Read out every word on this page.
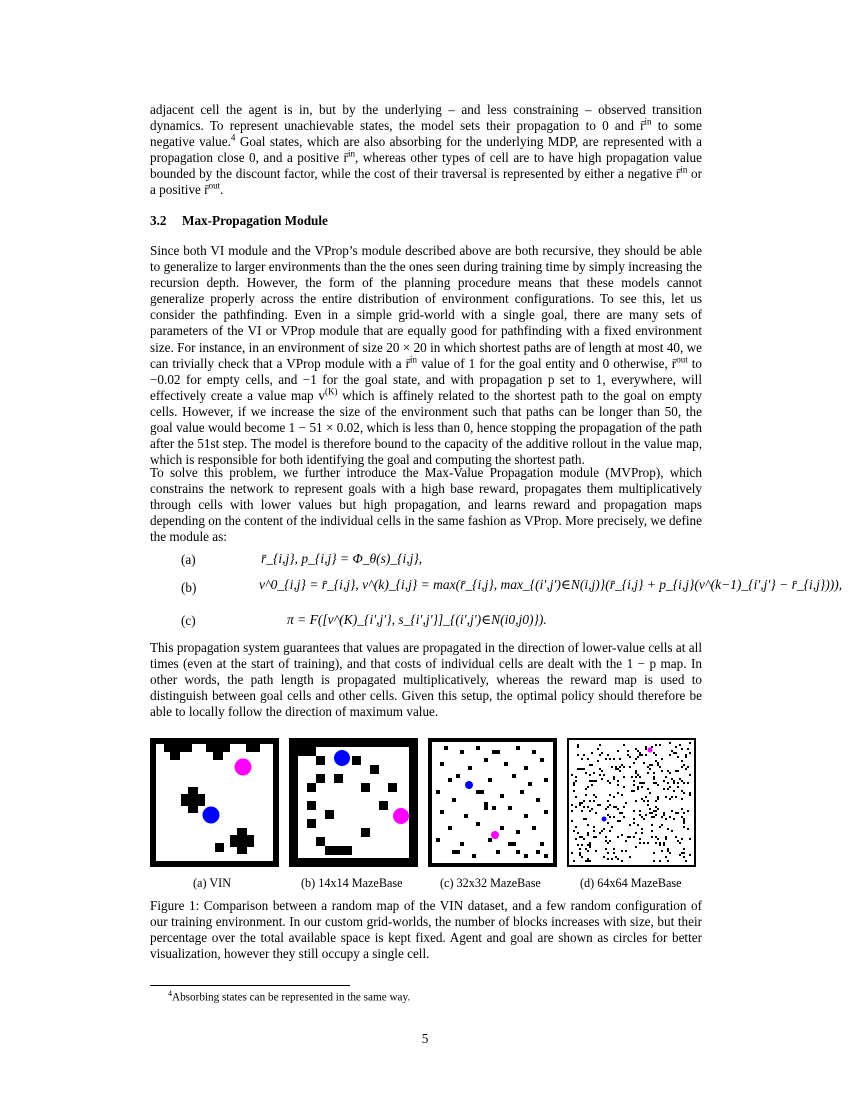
adjacent cell the agent is in, but by the underlying – and less constraining – observed transition dynamics. To represent unachievable states, the model sets their propagation to 0 and r̄$^{in}$ to some negative value.$^4$ Goal states, which are also absorbing for the underlying MDP, are represented with a propagation close 0, and a positive r̄$^{in}$, whereas other types of cell are to have high propagation value bounded by the discount factor, while the cost of their traversal is represented by either a negative r̄$^{in}$ or a positive r̄$^{out}$.

3.2 Max-Propagation Module

Since both VI module and the VProp’s module described above are both recursive, they should be able to generalize to larger environments than the the ones seen during training time by simply increasing the recursion depth. However, the form of the planning procedure means that these models cannot generalize properly across the entire distribution of environment configurations. To see this, let us consider the pathfinding. Even in a simple grid-world with a single goal, there are many sets of parameters of the VI or VProp module that are equally good for pathfinding with a fixed environment size. For instance, in an environment of size 20 × 20 in which shortest paths are of length at most 40, we can trivially check that a VProp module with a r̄$^{in}$ value of 1 for the goal entity and 0 otherwise, r̄$^{out}$ to −0.02 for empty cells, and −1 for the goal state, and with propagation p set to 1, everywhere, will effectively create a value map $v^{(K)}$ which is affinely related to the shortest path to the goal on empty cells. However, if we increase the size of the environment such that paths can be longer than 50, the goal value would become 1 − 51 × 0.02, which is less than 0, hence stopping the propagation of the path after the 51st step. The model is therefore bound to the capacity of the additive rollout in the value map, which is responsible for both identifying the goal and computing the shortest path.

To solve this problem, we further introduce the Max-Value Propagation module (MVProp), which constrains the network to represent goals with a high base reward, propagates them multiplicatively through cells with lower values but high propagation, and learns reward and propagation maps depending on the content of the individual cells in the same fashion as VProp. More precisely, we define the module as:

(a)	r̄_{i,j}, p_{i,j} = Φ_θ(s)_{i,j},
(b)	v^0_{i,j} = r̄_{i,j}, v^(k)_{i,j} = max(r̄_{i,j}, max_{(i′,j′)∈N(i,j)}(r̄_{i,j} + p_{i,j}(v^(k−1)_{i′,j′} − r̄_{i,j}))),
(c)	π = F([v^(K)_{i′,j′}, s_{i′,j′}]_{(i′,j′)∈N(i0,j0)}).

This propagation system guarantees that values are propagated in the direction of lower-value cells at all times (even at the start of training), and that costs of individual cells are dealt with the 1 − p map. In other words, the path length is propagated multiplicatively, whereas the reward map is used to distinguish between goal cells and other cells. Given this setup, the optimal policy should therefore be able to locally follow the direction of maximum value.

(a) VIN	(b) 14x14 MazeBase	(c) 32x32 MazeBase	(d) 64x64 MazeBase

Figure 1: Comparison between a random map of the VIN dataset, and a few random configuration of our training environment. In our custom grid-worlds, the number of blocks increases with size, but their percentage over the total available space is kept fixed. Agent and goal are shown as circles for better visualization, however they still occupy a single cell.

$^4$Absorbing states can be represented in the same way.
5
